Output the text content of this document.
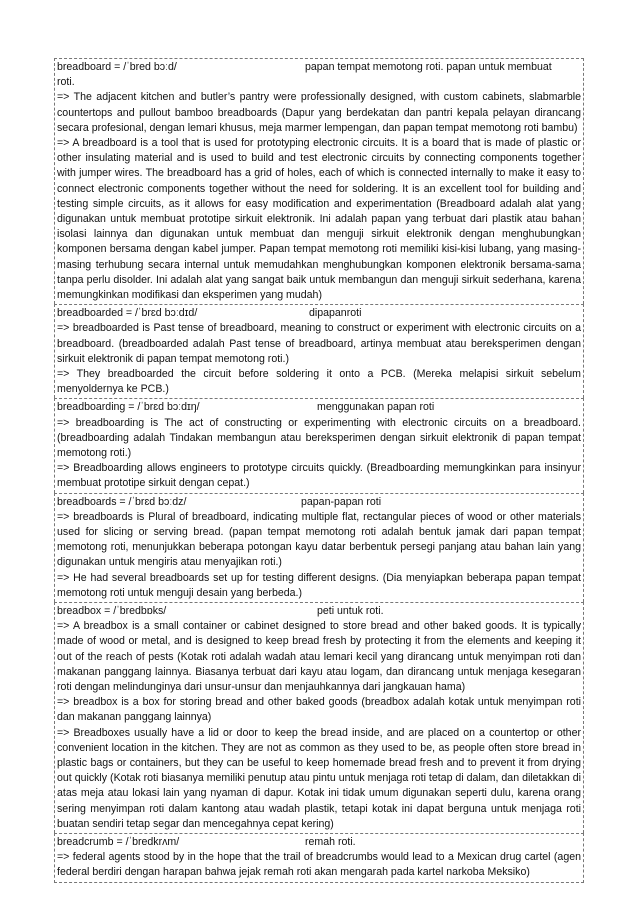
breadboard = /ˈbred bɔːd/	papan tempat memotong roti. papan untuk membuat

roti.

=> The adjacent kitchen and butler’s pantry were professionally designed, with custom cabinets, slabmarble countertops and pullout bamboo breadboards (Dapur yang berdekatan dan pantri kepala pelayan dirancang secara profesional, dengan lemari khusus, meja marmer lempengan, dan papan tempat memotong roti bambu)

=> A breadboard is a tool that is used for prototyping electronic circuits. It is a board that is made of plastic or other insulating material and is used to build and test electronic circuits by connecting components together with jumper wires. The breadboard has a grid of holes, each of which is connected internally to make it easy to connect electronic components together without the need for soldering. It is an excellent tool for building and testing simple circuits, as it allows for easy modification and experimentation (Breadboard adalah alat yang digunakan untuk membuat prototipe sirkuit elektronik. Ini adalah papan yang terbuat dari plastik atau bahan isolasi lainnya dan digunakan untuk membuat dan menguji sirkuit elektronik dengan menghubungkan komponen bersama dengan kabel jumper. Papan tempat memotong roti memiliki kisi-kisi lubang, yang masing-masing terhubung secara internal untuk memudahkan menghubungkan komponen elektronik bersama-sama tanpa perlu disolder. Ini adalah alat yang sangat baik untuk membangun dan menguji sirkuit sederhana, karena memungkinkan modifikasi dan eksperimen yang mudah)

breadboarded = /ˈbrɛd bɔːdɪd/	dipapanroti

=> breadboarded is Past tense of breadboard, meaning to construct or experiment with electronic circuits on a breadboard. (breadboarded adalah Past tense of breadboard, artinya membuat atau bereksperimen dengan sirkuit elektronik di papan tempat memotong roti.)

=> They breadboarded the circuit before soldering it onto a PCB. (Mereka melapisi sirkuit sebelum menyoldernya ke PCB.)

breadboarding = /ˈbrɛd bɔːdɪŋ/	menggunakan papan roti

=> breadboarding is The act of constructing or experimenting with electronic circuits on a breadboard. (breadboarding adalah Tindakan membangun atau bereksperimen dengan sirkuit elektronik di papan tempat memotong roti.)

=> Breadboarding allows engineers to prototype circuits quickly. (Breadboarding memungkinkan para insinyur membuat prototipe sirkuit dengan cepat.)

breadboards = /ˈbrɛd bɔːdz/	papan-papan roti

=> breadboards is Plural of breadboard, indicating multiple flat, rectangular pieces of wood or other materials used for slicing or serving bread. (papan tempat memotong roti adalah bentuk jamak dari papan tempat memotong roti, menunjukkan beberapa potongan kayu datar berbentuk persegi panjang atau bahan lain yang digunakan untuk mengiris atau menyajikan roti.)

=> He had several breadboards set up for testing different designs. (Dia menyiapkan beberapa papan tempat memotong roti untuk menguji desain yang berbeda.)

breadbox = /ˈbredbɒks/	peti untuk roti.

=> A breadbox is a small container or cabinet designed to store bread and other baked goods. It is typically made of wood or metal, and is designed to keep bread fresh by protecting it from the elements and keeping it out of the reach of pests (Kotak roti adalah wadah atau lemari kecil yang dirancang untuk menyimpan roti dan makanan panggang lainnya. Biasanya terbuat dari kayu atau logam, dan dirancang untuk menjaga kesegaran roti dengan melindunginya dari unsur-unsur dan menjauhkannya dari jangkauan hama)

=> breadbox is a box for storing bread and other baked goods (breadbox adalah kotak untuk menyimpan roti dan makanan panggang lainnya)

=> Breadboxes usually have a lid or door to keep the bread inside, and are placed on a countertop or other convenient location in the kitchen. They are not as common as they used to be, as people often store bread in plastic bags or containers, but they can be useful to keep homemade bread fresh and to prevent it from drying out quickly (Kotak roti biasanya memiliki penutup atau pintu untuk menjaga roti tetap di dalam, dan diletakkan di atas meja atau lokasi lain yang nyaman di dapur. Kotak ini tidak umum digunakan seperti dulu, karena orang sering menyimpan roti dalam kantong atau wadah plastik, tetapi kotak ini dapat berguna untuk menjaga roti buatan sendiri tetap segar dan mencegahnya cepat kering)

breadcrumb = /ˈbredkrʌm/	remah roti.

=> federal agents stood by in the hope that the trail of breadcrumbs would lead to a Mexican drug cartel (agen federal berdiri dengan harapan bahwa jejak remah roti akan mengarah pada kartel narkoba Meksiko)
